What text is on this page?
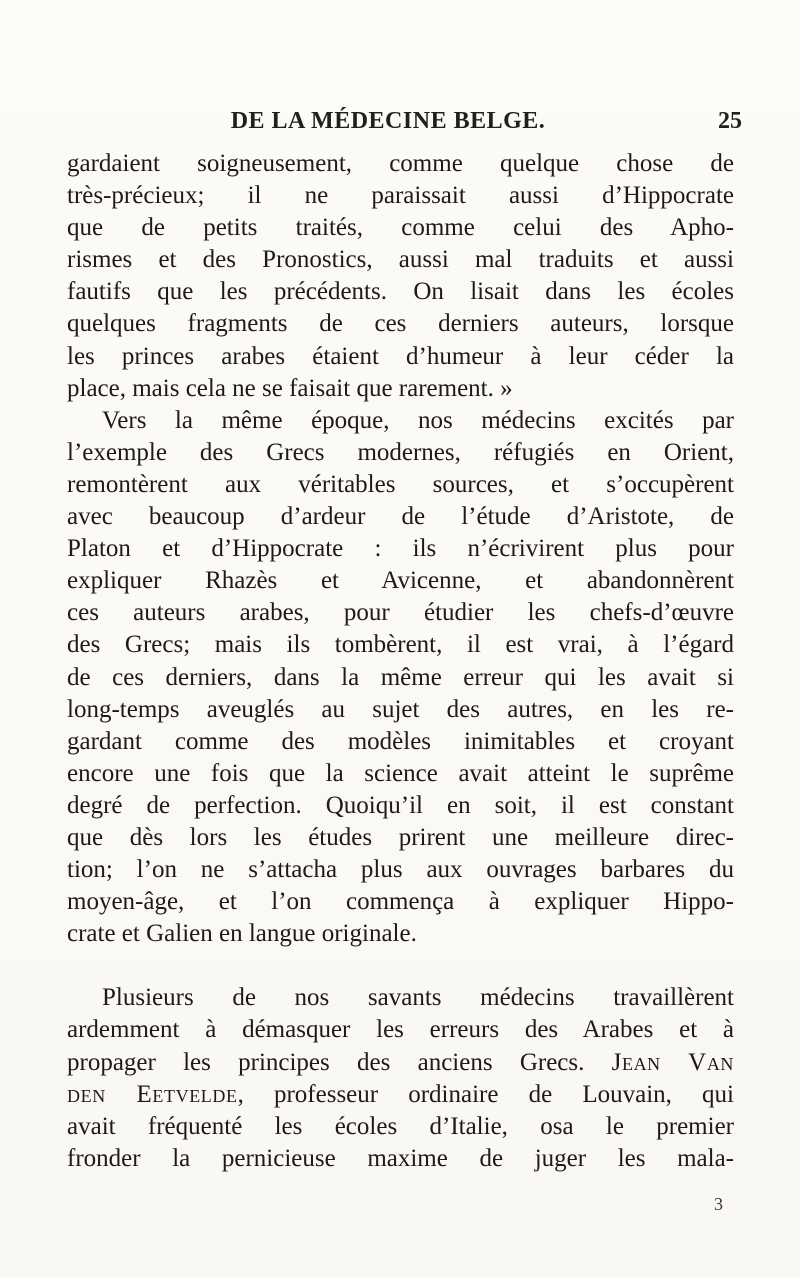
DE LA MÉDECINE BELGE.	25
gardaient soigneusement, comme quelque chose de
très-précieux; il ne paraissait aussi d’Hippocrate
que de petits traités, comme celui des Apho-
rismes et des Pronostics, aussi mal traduits et aussi
fautifs que les précédents. On lisait dans les écoles
quelques fragments de ces derniers auteurs, lorsque
les princes arabes étaient d’humeur à leur céder la
place, mais cela ne se faisait que rarement. »
Vers la même époque, nos médecins excités par
l’exemple des Grecs modernes, réfugiés en Orient,
remontèrent aux véritables sources, et s’occupèrent
avec beaucoup d’ardeur de l’étude d’Aristote, de
Platon et d’Hippocrate : ils n’écrivirent plus pour
expliquer Rhazès et Avicenne, et abandonnèrent
ces auteurs arabes, pour étudier les chefs-d’œuvre
des Grecs; mais ils tombèrent, il est vrai, à l’égard
de ces derniers, dans la même erreur qui les avait si
long-temps aveuglés au sujet des autres, en les re-
gardant comme des modèles inimitables et croyant
encore une fois que la science avait atteint le suprême
degré de perfection. Quoiqu’il en soit, il est constant
que dès lors les études prirent une meilleure direc-
tion; l’on ne s’attacha plus aux ouvrages barbares du
moyen-âge, et l’on commença à expliquer Hippo-
crate et Galien en langue originale.
Plusieurs de nos savants médecins travaillèrent
ardemment à démasquer les erreurs des Arabes et à
propager les principes des anciens Grecs. Jean Van
den Eetvelde, professeur ordinaire de Louvain, qui
avait fréquenté les écoles d’Italie, osa le premier
fronder la pernicieuse maxime de juger les mala-
3
